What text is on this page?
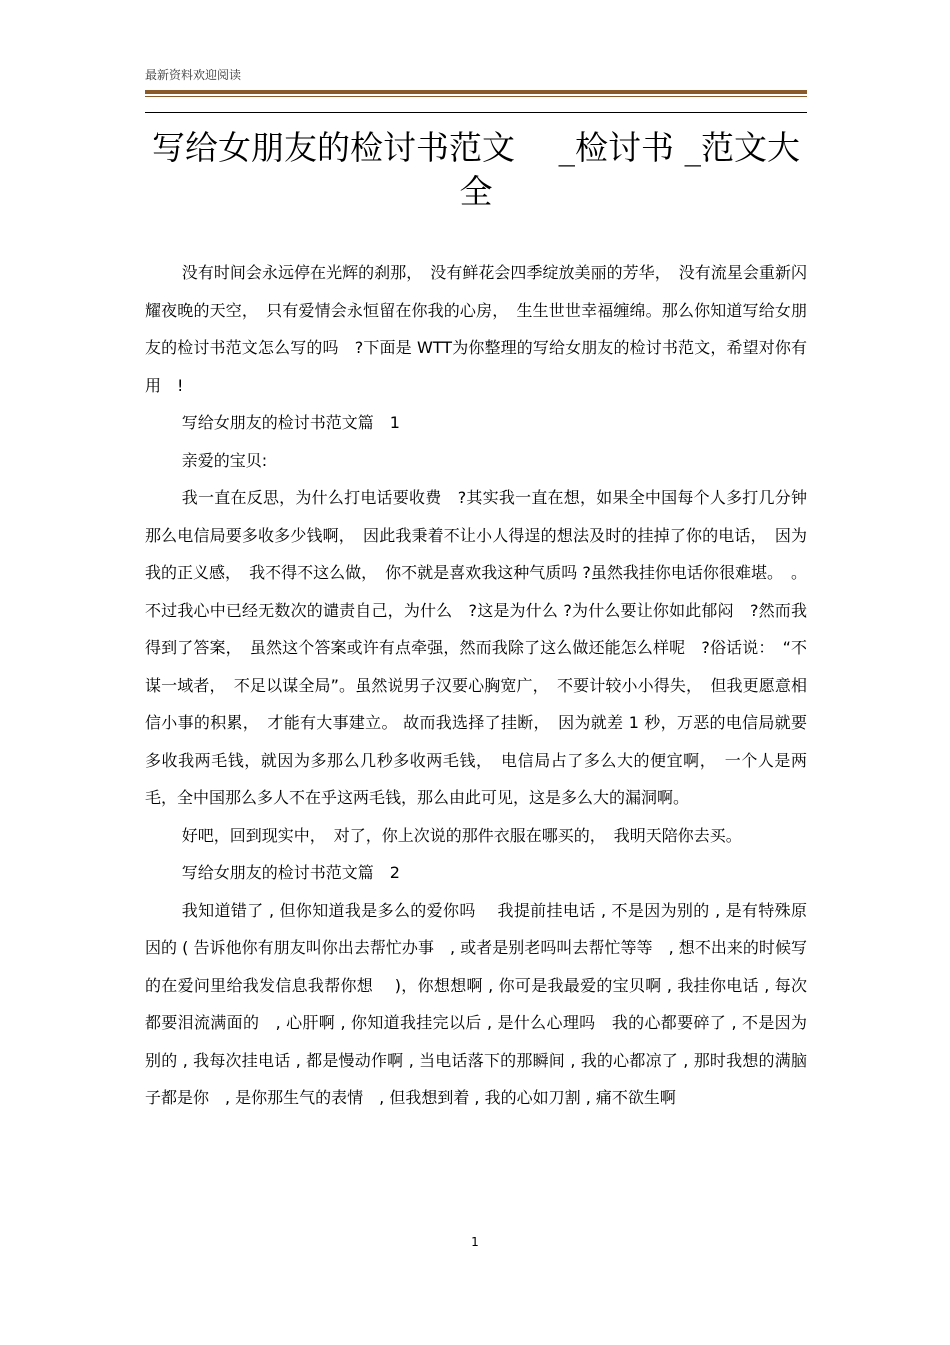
最新资料欢迎阅读
写给女朋友的检讨书范文　 _检讨书 _范文大全

没有时间会永远停在光辉的刹那，　没有鲜花会四季绽放美丽的芳华，　没有流星会重新闪耀夜晚的天空，　只有爱情会永恒留在你我的心房，　生生世世幸福缠绵。那么你知道写给女朋友的检讨书范文怎么写的吗　?下面是 WTT为你整理的写给女朋友的检讨书范文，希望对你有用　!

写给女朋友的检讨书范文篇　1

亲爱的宝贝:

我一直在反思，为什么打电话要收费　?其实我一直在想，如果全中国每个人多打几分钟那么电信局要多收多少钱啊，　因此我秉着不让小人得逞的想法及时的挂掉了你的电话，　因为我的正义感，　我不得不这么做，　你不就是喜欢我这种气质吗 ?虽然我挂你电话你很难堪。　。不过我心中已经无数次的谴责自己，为什么　?这是为什么 ?为什么要让你如此郁闷　?然而我得到了答案，　虽然这个答案或许有点牵强，然而我除了这么做还能怎么样呢　?俗话说：　“不谋一域者，　不足以谋全局”。虽然说男子汉要心胸宽广，　不要计较小小得失，　但我更愿意相信小事的积累，　才能有大事建立。 故而我选择了挂断，　因为就差 1 秒，万恶的电信局就要多收我两毛钱，就因为多那么几秒多收两毛钱，　电信局占了多么大的便宜啊，　一个人是两毛，全中国那么多人不在乎这两毛钱，那么由此可见，这是多么大的漏洞啊。

好吧，回到现实中，　对了，你上次说的那件衣服在哪买的，　我明天陪你去买。

写给女朋友的检讨书范文篇　2

我知道错了 , 但你知道我是多么的爱你吗　 我提前挂电话 , 不是因为别的 , 是有特殊原因的 ( 告诉他你有朋友叫你出去帮忙办事　, 或者是别老吗叫去帮忙等等　, 想不出来的时候写的在爱问里给我发信息我帮你想　 )，你想想啊 , 你可是我最爱的宝贝啊 , 我挂你电话 , 每次都要泪流满面的　, 心肝啊 , 你知道我挂完以后 , 是什么心理吗　我的心都要碎了 , 不是因为别的 , 我每次挂电话 , 都是慢动作啊 , 当电话落下的那瞬间 , 我的心都凉了 , 那时我想的满脑子都是你　, 是你那生气的表情　, 但我想到着 , 我的心如刀割 , 痛不欲生啊

1
